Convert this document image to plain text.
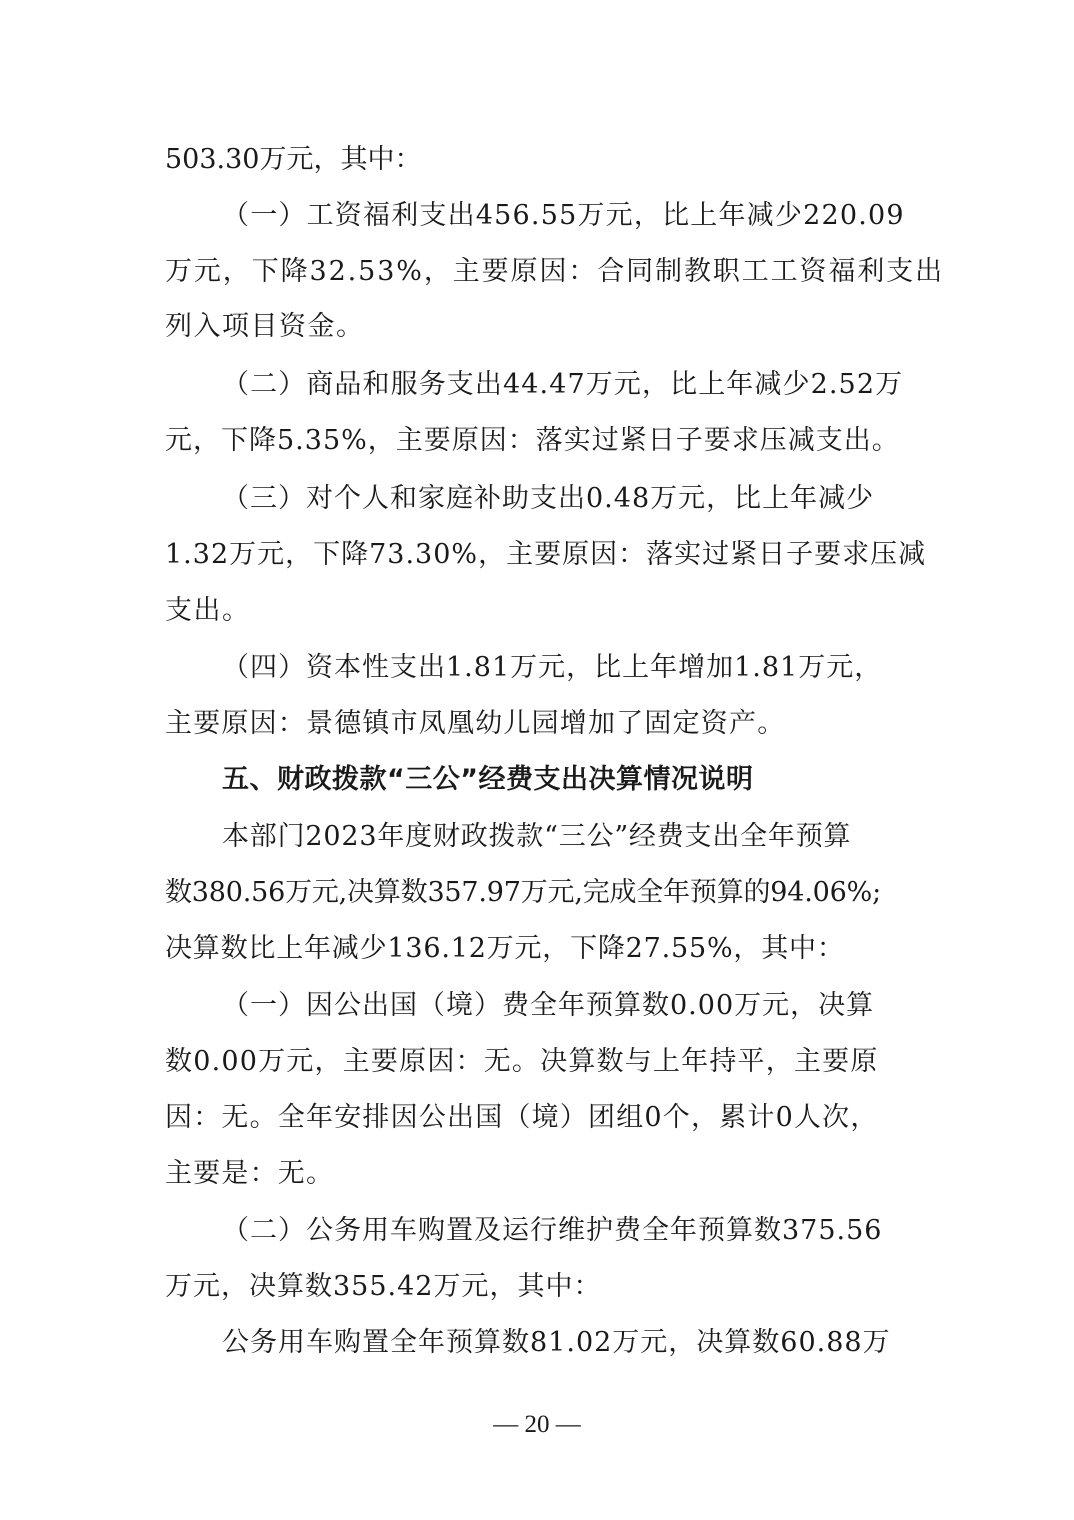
503.30万元，其中：
（一）工资福利支出456.55万元，比上年减少220.09
万元，下降32.53%，主要原因：合同制教职工工资福利支出
列入项目资金。
（二）商品和服务支出44.47万元，比上年减少2.52万
元，下降5.35%，主要原因：落实过紧日子要求压减支出。
（三）对个人和家庭补助支出0.48万元，比上年减少
1.32万元，下降73.30%，主要原因：落实过紧日子要求压减
支出。
（四）资本性支出1.81万元，比上年增加1.81万元，
主要原因：景德镇市凤凰幼儿园增加了固定资产。
五、财政拨款“三公”经费支出决算情况说明
本部门2023年度财政拨款“三公”经费支出全年预算
数380.56万元,决算数357.97万元,完成全年预算的94.06%;
决算数比上年减少136.12万元，下降27.55%，其中：
（一）因公出国（境）费全年预算数0.00万元，决算
数0.00万元，主要原因：无。决算数与上年持平，主要原
因：无。全年安排因公出国（境）团组0个，累计0人次，
主要是：无。
（二）公务用车购置及运行维护费全年预算数375.56
万元，决算数355.42万元，其中：
公务用车购置全年预算数81.02万元，决算数60.88万
— 20 —
